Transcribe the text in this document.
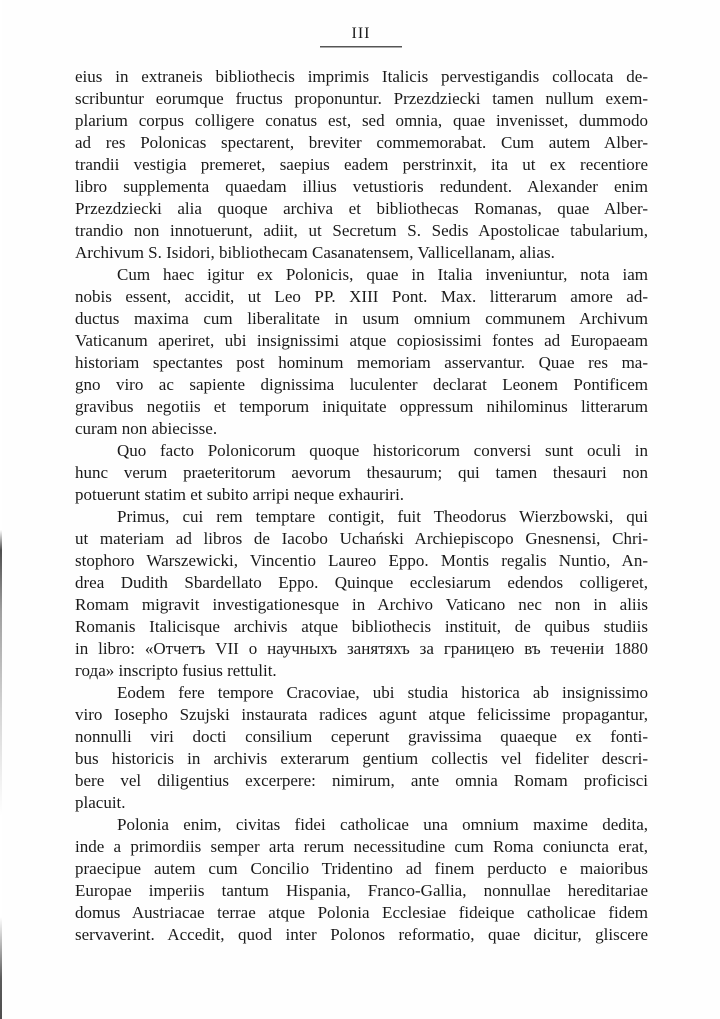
III
eius in extraneis bibliothecis imprimis Italicis pervestigandis collocata de-
scribuntur eorumque fructus proponuntur. Przezdziecki tamen nullum exem-
plarium corpus colligere conatus est, sed omnia, quae invenisset, dummodo
ad res Polonicas spectarent, breviter commemorabat. Cum autem Alber-
trandii vestigia premeret, saepius eadem perstrinxit, ita ut ex recentiore
libro supplementa quaedam illius vetustioris redundent. Alexander enim
Przezdziecki alia quoque archiva et bibliothecas Romanas, quae Alber-
trandio non innotuerunt, adiit, ut Secretum S. Sedis Apostolicae tabularium,
Archivum S. Isidori, bibliothecam Casanatensem, Vallicellanam, alias.
Cum haec igitur ex Polonicis, quae in Italia inveniuntur, nota iam
nobis essent, accidit, ut Leo PP. XIII Pont. Max. litterarum amore ad-
ductus maxima cum liberalitate in usum omnium communem Archivum
Vaticanum aperiret, ubi insignissimi atque copiosissimi fontes ad Europaeam
historiam spectantes post hominum memoriam asservantur. Quae res ma-
gno viro ac sapiente dignissima luculenter declarat Leonem Pontificem
gravibus negotiis et temporum iniquitate oppressum nihilominus litterarum
curam non abiecisse.
Quo facto Polonicorum quoque historicorum conversi sunt oculi in
hunc verum praeteritorum aevorum thesaurum; qui tamen thesauri non
potuerunt statim et subito arripi neque exhauriri.
Primus, cui rem temptare contigit, fuit Theodorus Wierzbowski, qui
ut materiam ad libros de Iacobo Uchański Archiepiscopo Gnesnensi, Chri-
stophoro Warszewicki, Vincentio Laureo Eppo. Montis regalis Nuntio, An-
drea Dudith Sbardellato Eppo. Quinque ecclesiarum edendos colligeret,
Romam migravit investigationesque in Archivo Vaticano nec non in aliis
Romanis Italicisque archivis atque bibliothecis instituit, de quibus studiis
in libro: «Отчетъ VII о научныхъ занятяхъ за границею въ теченіи 1880
года» inscripto fusius rettulit.
Eodem fere tempore Cracoviae, ubi studia historica ab insignissimo
viro Iosepho Szujski instaurata radices agunt atque felicissime propagantur,
nonnulli viri docti consilium ceperunt gravissima quaeque ex fonti-
bus historicis in archivis exterarum gentium collectis vel fideliter descri-
bere vel diligentius excerpere: nimirum, ante omnia Romam proficisci
placuit.
Polonia enim, civitas fidei catholicae una omnium maxime dedita,
inde a primordiis semper arta rerum necessitudine cum Roma coniuncta erat,
praecipue autem cum Concilio Tridentino ad finem perducto e maioribus
Europae imperiis tantum Hispania, Franco-Gallia, nonnullae hereditariae
domus Austriacae terrae atque Polonia Ecclesiae fideique catholicae fidem
servaverint. Accedit, quod inter Polonos reformatio, quae dicitur, gliscere
